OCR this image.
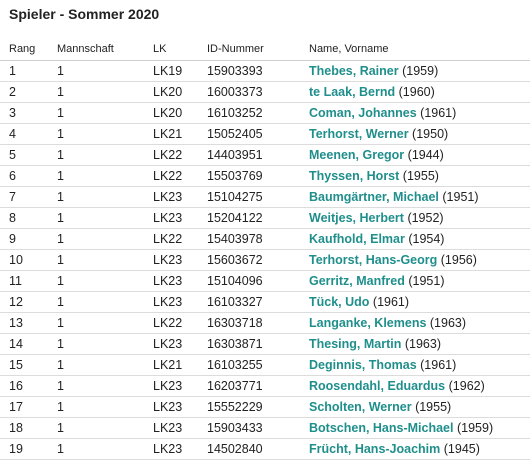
Spieler - Sommer 2020
Rang	Mannschaft	LK	ID-Nummer	Name, Vorname
1	1	LK19	15903393	Thebes, Rainer (1959)
2	1	LK20	16003373	te Laak, Bernd (1960)
3	1	LK20	16103252	Coman, Johannes (1961)
4	1	LK21	15052405	Terhorst, Werner (1950)
5	1	LK22	14403951	Meenen, Gregor (1944)
6	1	LK22	15503769	Thyssen, Horst (1955)
7	1	LK23	15104275	Baumgärtner, Michael (1951)
8	1	LK23	15204122	Weitjes, Herbert (1952)
9	1	LK22	15403978	Kaufhold, Elmar (1954)
10	1	LK23	15603672	Terhorst, Hans-Georg (1956)
11	1	LK23	15104096	Gerritz, Manfred (1951)
12	1	LK23	16103327	Tück, Udo (1961)
13	1	LK22	16303718	Langanke, Klemens (1963)
14	1	LK23	16303871	Thesing, Martin (1963)
15	1	LK21	16103255	Deginnis, Thomas (1961)
16	1	LK23	16203771	Roosendahl, Eduardus (1962)
17	1	LK23	15552229	Scholten, Werner (1955)
18	1	LK23	15903433	Botschen, Hans-Michael (1959)
19	1	LK23	14502840	Frücht, Hans-Joachim (1945)
